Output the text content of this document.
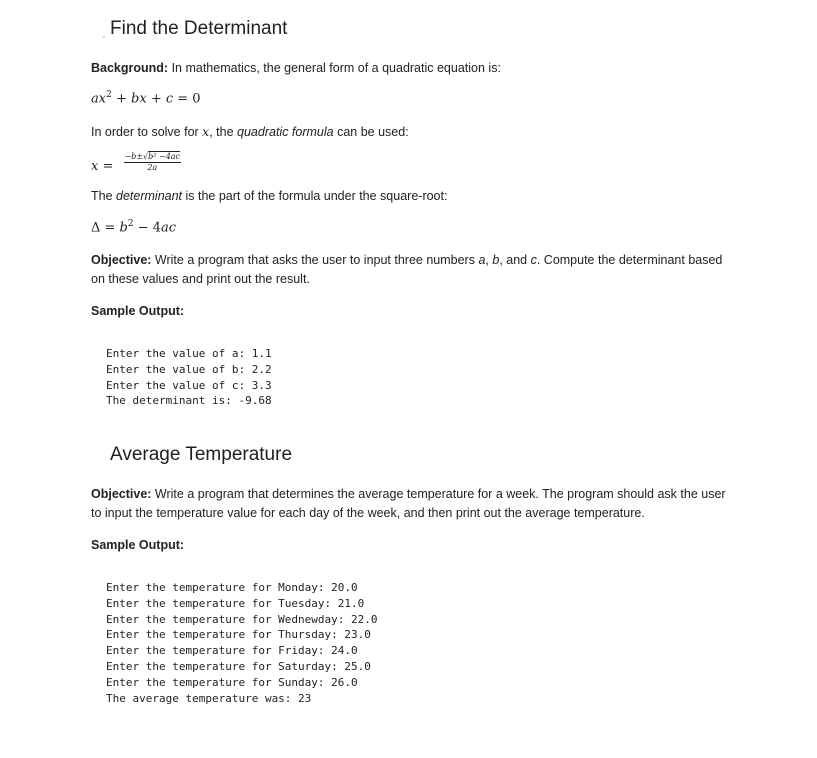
Find the Determinant

Background: In mathematics, the general form of a quadratic equation is:

$ax^2$ + bx + c = 0

In order to solve for x, the quadratic formula can be used:

$x = \frac{\text{−b±√b² −4ac}}{2a}$

The determinant is the part of the formula under the square-root:

$\Delta = b^2 - 4ac$

Objective: Write a program that asks the user to input three numbers a, b, and c. Compute the determinant based on these values and print out the result.

Sample Output:

Enter the value of a: 1.1
Enter the value of b: 2.2
Enter the value of c: 3.3
The determinant is: -9.68
Average Temperature

Objective: Write a program that determines the average temperature for a week. The program should ask the user to input the temperature value for each day of the week, and then print out the average temperature.

Sample Output:

Enter the temperature for Monday: 20.0
Enter the temperature for Tuesday: 21.0
Enter the temperature for Wednewday: 22.0
Enter the temperature for Thursday: 23.0
Enter the temperature for Friday: 24.0
Enter the temperature for Saturday: 25.0
Enter the temperature for Sunday: 26.0
The average temperature was: 23
